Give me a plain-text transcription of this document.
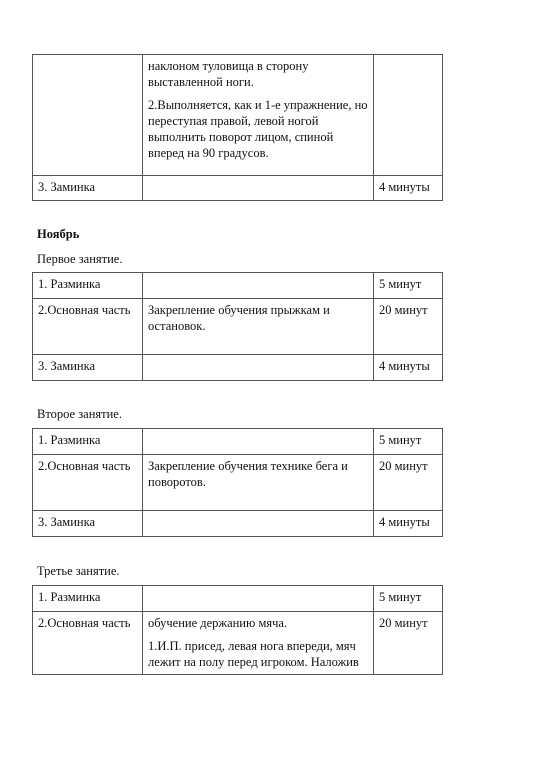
	наклоном туловища в сторону выставленной ноги.
2.Выполняется, как и 1-е упражнение, но переступая правой, левой ногой выполнить поворот лицом, спиной вперед на 90 градусов.	

3. Заминка		4 минуты
Ноябрь
Первое занятие.
1. Разминка		5 минут
2.Основная часть	Закрепление обучения прыжкам и остановок.	20 минут
3. Заминка		4 минуты
Второе занятие.
1. Разминка		5 минут
2.Основная часть	Закрепление обучения технике бега и поворотов.	20 минут
3. Заминка		4 минуты
Третье занятие.
1. Разминка		5 минут
2.Основная часть	обучение держанию мяча.
1.И.П. присед, левая нога впереди, мяч лежит на полу перед игроком. Наложив	20 минут
